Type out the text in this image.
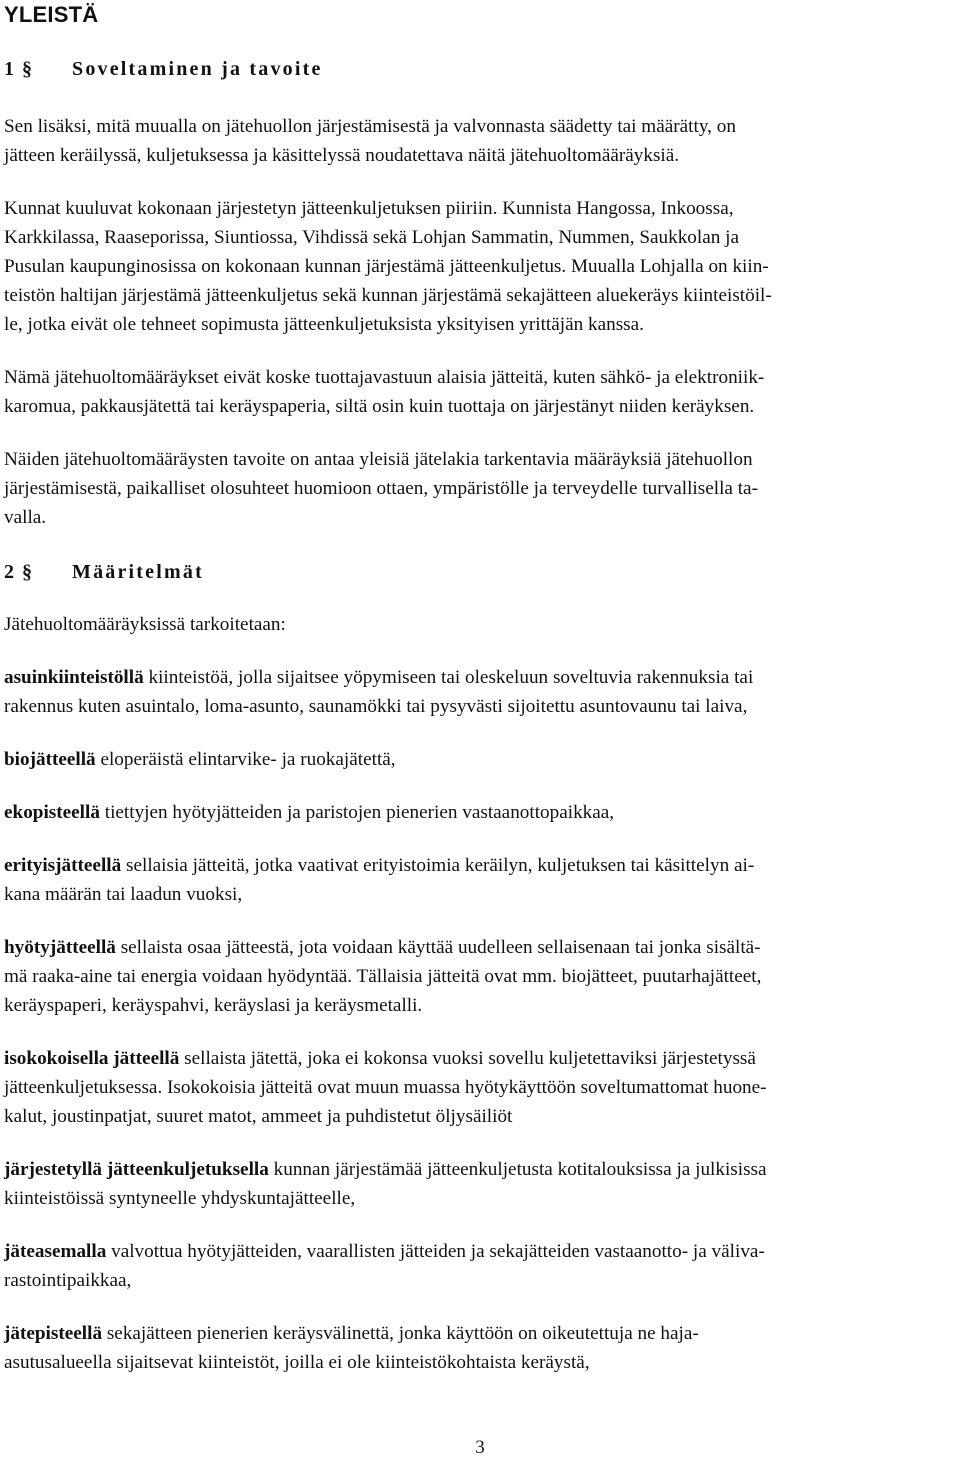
YLEISTÄ
1 §	Soveltaminen ja tavoite

Sen lisäksi, mitä muualla on jätehuollon järjestämisestä ja valvonnasta säädetty tai määrätty, on
jätteen keräilyssä, kuljetuksessa ja käsittelyssä noudatettava näitä jätehuoltomääräyksiä.

Kunnat kuuluvat kokonaan järjestetyn jätteenkuljetuksen piiriin. Kunnista Hangossa, Inkoossa,
Karkkilassa, Raaseporissa, Siuntiossa, Vihdissä sekä Lohjan Sammatin, Nummen, Saukkolan ja
Pusulan kaupunginosissa on kokonaan kunnan järjestämä jätteenkuljetus. Muualla Lohjalla on kiin-
teistön haltijan järjestämä jätteenkuljetus sekä kunnan järjestämä sekajätteen aluekeräys kiinteistöil-
le, jotka eivät ole tehneet sopimusta jätteenkuljetuksista yksityisen yrittäjän kanssa.

Nämä jätehuoltomääräykset eivät koske tuottajavastuun alaisia jätteitä, kuten sähkö- ja elektroniik-
karomua, pakkausjätettä tai keräyspaperia, siltä osin kuin tuottaja on järjestänyt niiden keräyksen.

Näiden jätehuoltomääräysten tavoite on antaa yleisiä jätelakia tarkentavia määräyksiä jätehuollon
järjestämisestä, paikalliset olosuhteet huomioon ottaen, ympäristölle ja terveydelle turvallisella ta-
valla.

2 §	Määritelmät

Jätehuoltomääräyksissä tarkoitetaan:

asuinkiinteistöllä kiinteistöä, jolla sijaitsee yöpymiseen tai oleskeluun soveltuvia rakennuksia tai
rakennus kuten asuintalo, loma-asunto, saunamökki tai pysyvästi sijoitettu asuntovaunu tai laiva,

biojätteellä eloperäistä elintarvike- ja ruokajätettä,

ekopisteellä tiettyjen hyötyjätteiden ja paristojen pienerien vastaanottopaikkaa,

erityisjätteellä sellaisia jätteitä, jotka vaativat erityistoimia keräilyn, kuljetuksen tai käsittelyn ai-
kana määrän tai laadun vuoksi,

hyötyjätteellä sellaista osaa jätteestä, jota voidaan käyttää uudelleen sellaisenaan tai jonka sisältä-
mä raaka-aine tai energia voidaan hyödyntää. Tällaisia jätteitä ovat mm. biojätteet, puutarhajätteet,
keräyspaperi, keräyspahvi, keräyslasi ja keräysmetalli.

isokokoisella jätteellä sellaista jätettä, joka ei kokonsa vuoksi sovellu kuljetettaviksi järjestetyssä
jätteenkuljetuksessa. Isokokoisia jätteitä ovat muun muassa hyötykäyttöön soveltumattomat huone-
kalut, joustinpatjat, suuret matot, ammeet ja puhdistetut öljysäiliöt

järjestetyllä jätteenkuljetuksella kunnan järjestämää jätteenkuljetusta kotitalouksissa ja julkisissa
kiinteistöissä syntyneelle yhdyskuntajätteelle,

jäteasemalla valvottua hyötyjätteiden, vaarallisten jätteiden ja sekajätteiden vastaanotto- ja väliva-
rastointipaikkaa,

jätepisteellä sekajätteen pienerien keräysvälinettä, jonka käyttöön on oikeutettuja ne haja-
asutusalueella sijaitsevat kiinteistöt, joilla ei ole kiinteistökohtaista keräystä,

3
